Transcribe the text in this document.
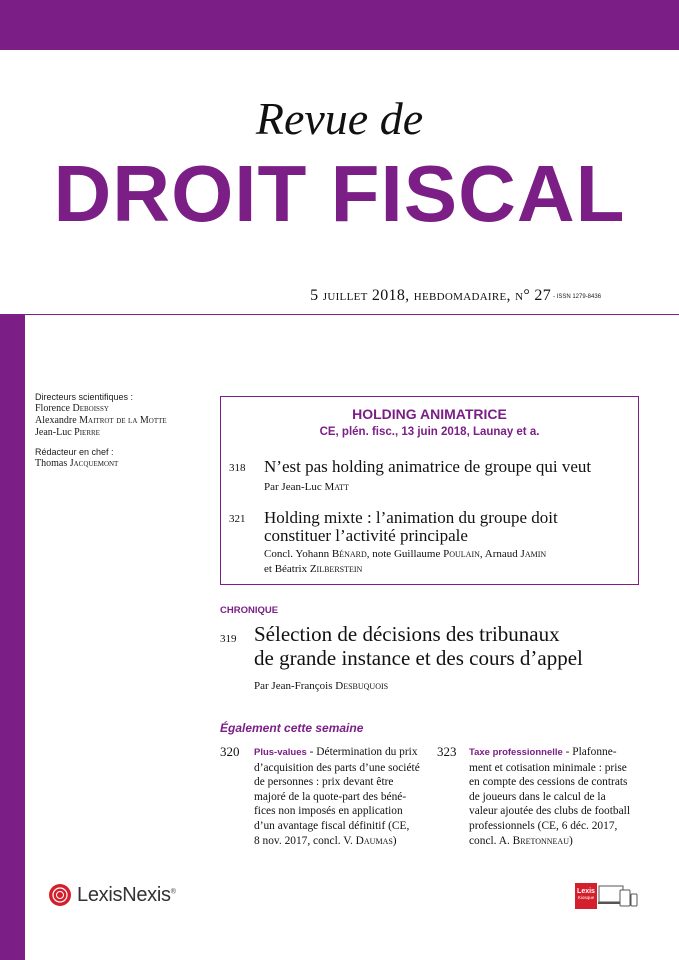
Revue de
DROIT FISCAL
5 juillet 2018, hebdomadaire, n° 27 - ISSN 1279-8436
Directeurs scientifiques :
Florence Deboissy
Alexandre Maitrot de la Motte
Jean-Luc Pierre
Rédacteur en chef :
Thomas Jacquemont
HOLDING ANIMATRICE
CE, plén. fisc., 13 juin 2018, Launay et a.
318 N’est pas holding animatrice de groupe qui veut
Par Jean-Luc Matt
321 Holding mixte : l’animation du groupe doit
constituer l’activité principale
Concl. Yohann Bénard, note Guillaume Poulain, Arnaud Jamin
et Béatrix Zilberstein
CHRONIQUE
319 Sélection de décisions des tribunaux
de grande instance et des cours d’appel
Par Jean-François Desbuquois
Également cette semaine
320 Plus-values - Détermination du prix
d’acquisition des parts d’une société
de personnes : prix devant être
majoré de la quote-part des béné-
fices non imposés en application
d’un avantage fiscal définitif (CE,
8 nov. 2017, concl. V. Daumas)
323 Taxe professionnelle - Plafonne-
ment et cotisation minimale : prise
en compte des cessions de contrats
de joueurs dans le calcul de la
valeur ajoutée des clubs de football
professionnels (CE, 6 déc. 2017,
concl. A. Bretonneau)
LexisNexis®	Lexis
Kiosque
